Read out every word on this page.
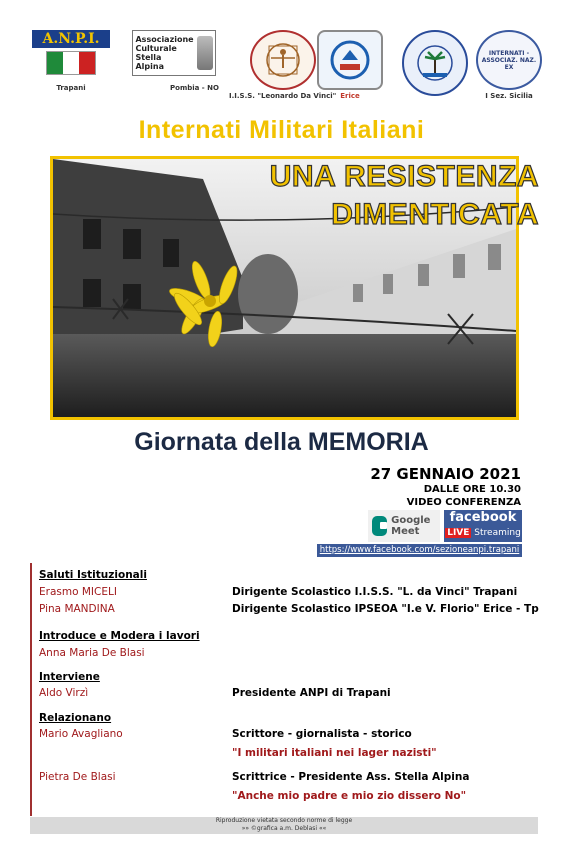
A.N.P.I.
Trapani
Associazione
Culturale
Stella
Alpina
Pombia - NO
I.I.S.S. "Leonardo Da Vinci" Erice
INTERNATI - ASSOCIAZ. NAZ. EX
I Sez. Sicilia
Internati Militari Italiani
UNA RESISTENZA
DIMENTICATA
Giornata della MEMORIA
27 GENNAIO 2021
DALLE ORE 10.30
VIDEO CONFERENZA
Google Meet
facebook
LIVE Streaming
https://www.facebook.com/sezioneanpi.trapani
Saluti Istituzionali
Erasmo MICELI	Dirigente Scolastico I.I.S.S. "L. da Vinci" Trapani
Pina MANDINA	Dirigente Scolastico IPSEOA "I.e V. Florio" Erice - Tp
Introduce e Modera i lavori
Anna Maria De Blasi
Interviene
Aldo Virzì	Presidente ANPI di Trapani
Relazionano
Mario Avagliano	Scrittore - giornalista - storico
"I militari italiani nei lager nazisti"
Pietra De Blasi	Scrittrice - Presidente Ass. Stella Alpina
"Anche mio padre e mio zio dissero No"
Riproduzione vietata secondo norme di legge
»» ©grafica a.m. Deblasi ««
